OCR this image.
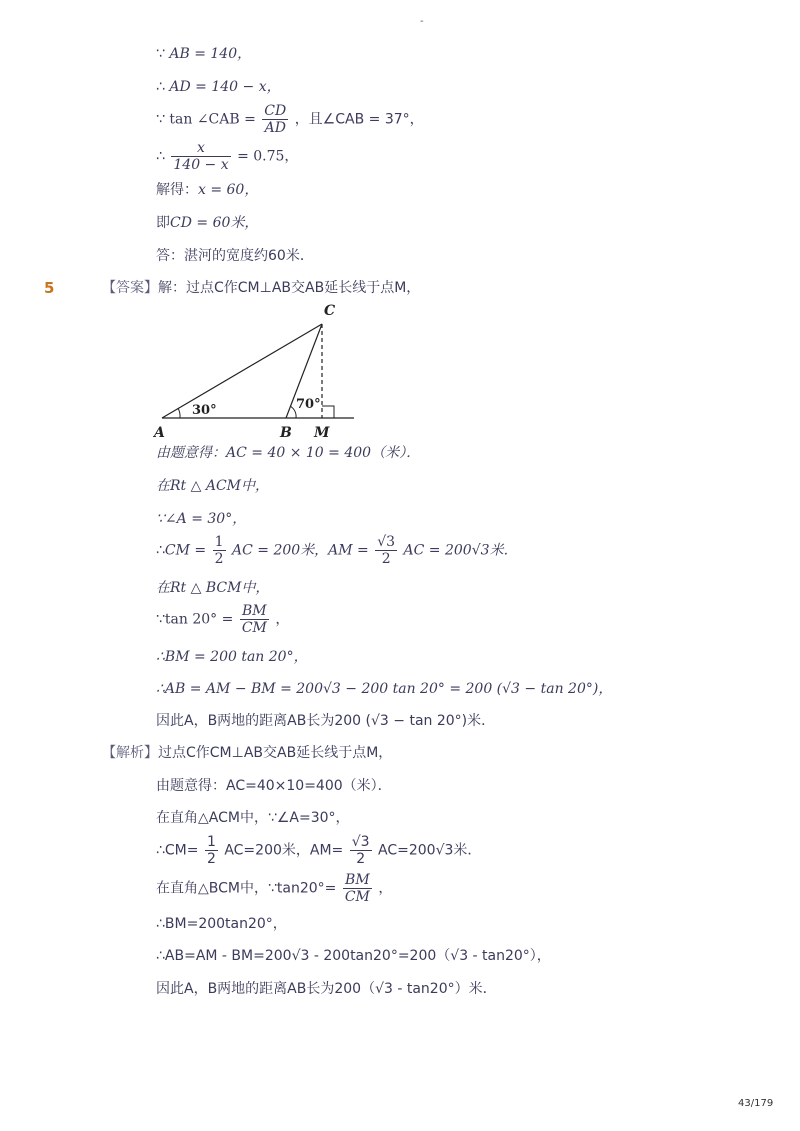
-
∵ AB = 140，
∴ AD = 140 − x，
∵ tan ∠CAB = $\frac{CD}{AD}$ ，且∠CAB = 37°，
∴ $\frac{x}{140 - x} = 0.75$，
解得：x = 60，
即CD = 60米，
答：湛河的宽度约60米．
5	【答案】解：过点C作CM⊥AB交AB延长线于点M，
C
A	B M
30°	70°
由题意得：AC = 40 × 10 = 400（米）．
在Rt △ ACM中，
∵∠A = 30°，
∴CM = $\frac{1}{2}$ AC = 200米，AM = $\frac{√3}{2}$ AC = 200√3米．
在Rt △ BCM中，
∵tan $20^\circ = \frac{BM}{CM}$ ，
∴BM = 200 tan 20°，
∴AB = AM − BM = 200√3 − 200 tan 20° = 200 (√3 − tan 20°)，
因此A，B两地的距离AB长为200 (√3 − tan 20°)米．
【解析】过点C作CM⊥AB交AB延长线于点M，
由题意得：AC=40×10=400（米）．
在直角△ACM中，∵∠A=30°，
∴CM= $\frac{1}{2} AC=200$米，$AM= \frac{√3}{2} AC=200√3$米．
在直角△BCM中，∵tan20°= $\frac{BM}{CM}$ ，
∴BM=200tan20°，
∴AB=AM - BM=200√3 - 200tan20°=200（√3 - tan20°），
因此A，B两地的距离AB长为200（√3 - tan20°）米．
43/179
